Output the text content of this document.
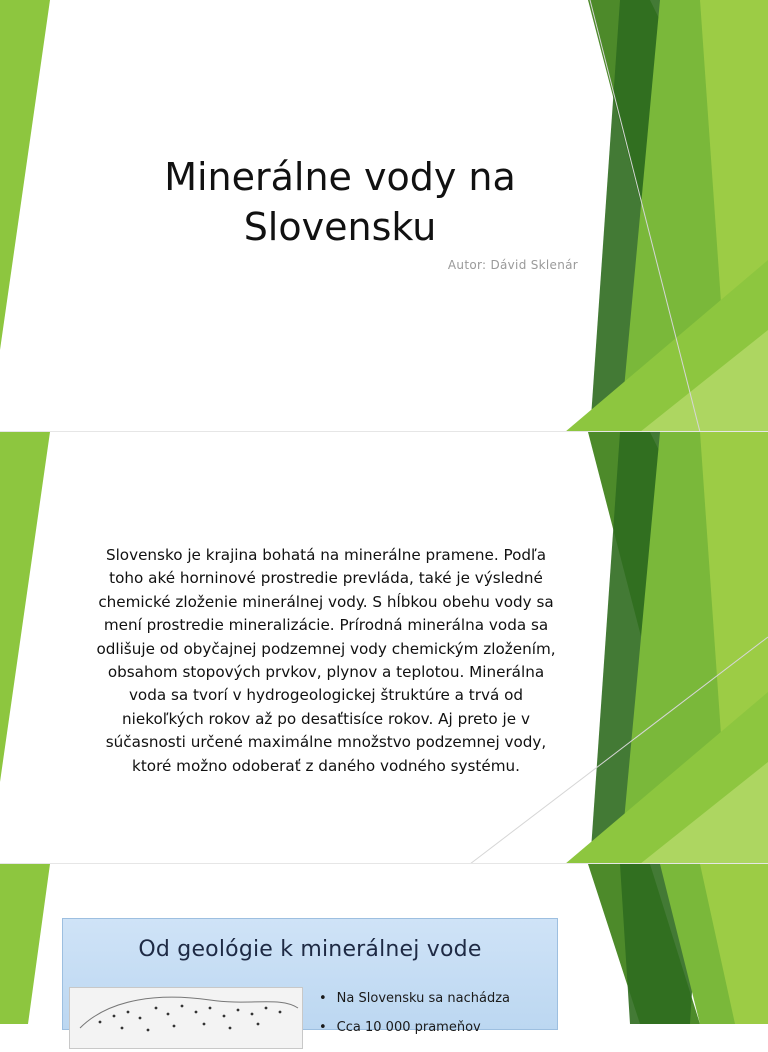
Minerálne vody na Slovensku
Autor: Dávid Sklenár
Slovensko je krajina bohatá na minerálne pramene. Podľa toho aké horninové prostredie prevláda, také je výsledné chemické zloženie minerálnej vody. S hĺbkou obehu vody sa mení prostredie mineralizácie. Prírodná minerálna voda sa odlišuje od obyčajnej podzemnej vody chemickým zložením, obsahom stopových prvkov, plynov a teplotou. Minerálna voda sa tvorí v hydrogeologickej štruktúre a trvá od niekoľkých rokov až po desaťtisíce rokov. Aj preto je v súčasnosti určené maximálne množstvo podzemnej vody, ktoré možno odoberať z daného vodného systému.
Od geológie k minerálnej vode
• Na Slovensku sa nachádza
• Cca 10 000 prameňov
